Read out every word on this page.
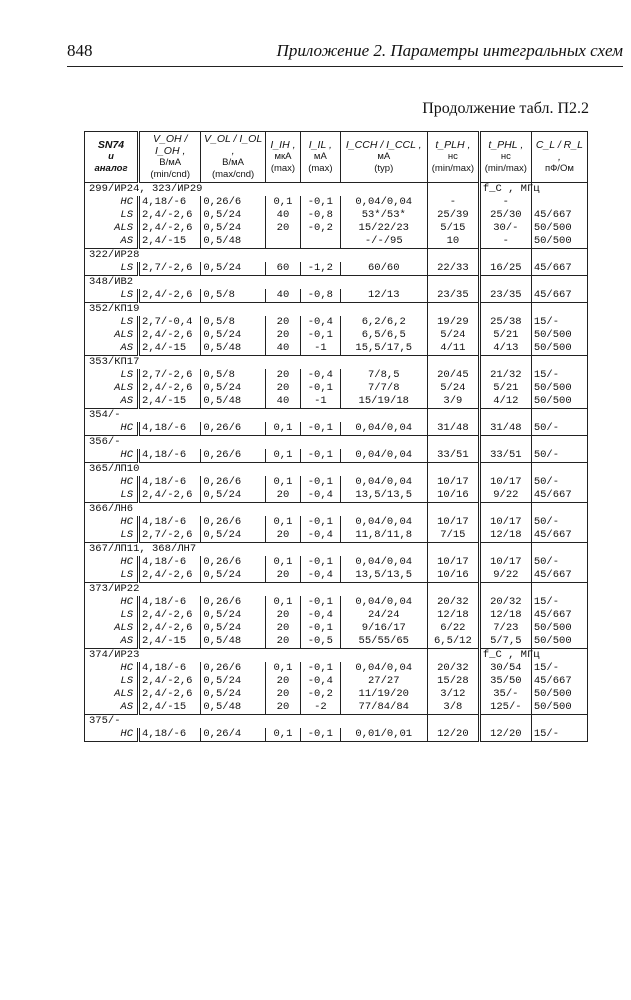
848	Приложение 2. Параметры интегральных схем
Продолжение табл. П2.2
SN74
и
аналог	V_OH / I_OH ,
В/мА
(min/cnd)	V_OL / I_OL ,
В/мА
(max/cnd)	I_IH ,
мкА
(max)	I_IL ,
мА
(max)	I_CCH / I_CCL ,
мА
(typ)	t_PLH ,
нс
(min/max)	t_PHL ,
нс
(min/max)	C_L / R_L ,
пФ/Ом

299/ИР24, 323/ИР29							f_C , МГц	
HC	4,18/-6	0,26/6	0,1	-0,1	0,04/0,04	-	-	
LS	2,4/-2,6	0,5/24	40	-0,8	53*/53*	25/39	25/30	45/667
ALS	2,4/-2,6	0,5/24	20	-0,2	15/22/23	5/15	30/-	50/500
AS	2,4/-15	0,5/48			-/-/95	10	-	50/500
322/ИР28								
LS	2,7/-2,6	0,5/24	60	-1,2	60/60	22/33	16/25	45/667
348/ИВ2								
LS	2,4/-2,6	0,5/8	40	-0,8	12/13	23/35	23/35	45/667
352/КП19								
LS	2,7/-0,4	0,5/8	20	-0,4	6,2/6,2	19/29	25/38	15/-
ALS	2,4/-2,6	0,5/24	20	-0,1	6,5/6,5	5/24	5/21	50/500
AS	2,4/-15	0,5/48	40	-1	15,5/17,5	4/11	4/13	50/500
353/КП17								
LS	2,7/-2,6	0,5/8	20	-0,4	7/8,5	20/45	21/32	15/-
ALS	2,4/-2,6	0,5/24	20	-0,1	7/7/8	5/24	5/21	50/500
AS	2,4/-15	0,5/48	40	-1	15/19/18	3/9	4/12	50/500
354/-								
HC	4,18/-6	0,26/6	0,1	-0,1	0,04/0,04	31/48	31/48	50/-
356/-								
HC	4,18/-6	0,26/6	0,1	-0,1	0,04/0,04	33/51	33/51	50/-
365/ЛП10								
HC	4,18/-6	0,26/6	0,1	-0,1	0,04/0,04	10/17	10/17	50/-
LS	2,4/-2,6	0,5/24	20	-0,4	13,5/13,5	10/16	9/22	45/667
366/ЛН6								
HC	4,18/-6	0,26/6	0,1	-0,1	0,04/0,04	10/17	10/17	50/-
LS	2,7/-2,6	0,5/24	20	-0,4	11,8/11,8	7/15	12/18	45/667
367/ЛП11, 368/ЛН7								
HC	4,18/-6	0,26/6	0,1	-0,1	0,04/0,04	10/17	10/17	50/-
LS	2,4/-2,6	0,5/24	20	-0,4	13,5/13,5	10/16	9/22	45/667
373/ИР22								
HC	4,18/-6	0,26/6	0,1	-0,1	0,04/0,04	20/32	20/32	15/-
LS	2,4/-2,6	0,5/24	20	-0,4	24/24	12/18	12/18	45/667
ALS	2,4/-2,6	0,5/24	20	-0,1	9/16/17	6/22	7/23	50/500
AS	2,4/-15	0,5/48	20	-0,5	55/55/65	6,5/12	5/7,5	50/500
374/ИР23							f_C , МГц	
HC	4,18/-6	0,26/6	0,1	-0,1	0,04/0,04	20/32	30/54	15/-
LS	2,4/-2,6	0,5/24	20	-0,4	27/27	15/28	35/50	45/667
ALS	2,4/-2,6	0,5/24	20	-0,2	11/19/20	3/12	35/-	50/500
AS	2,4/-15	0,5/48	20	-2	77/84/84	3/8	125/-	50/500
375/-								
HC	4,18/-6	0,26/4	0,1	-0,1	0,01/0,01	12/20	12/20	15/-
